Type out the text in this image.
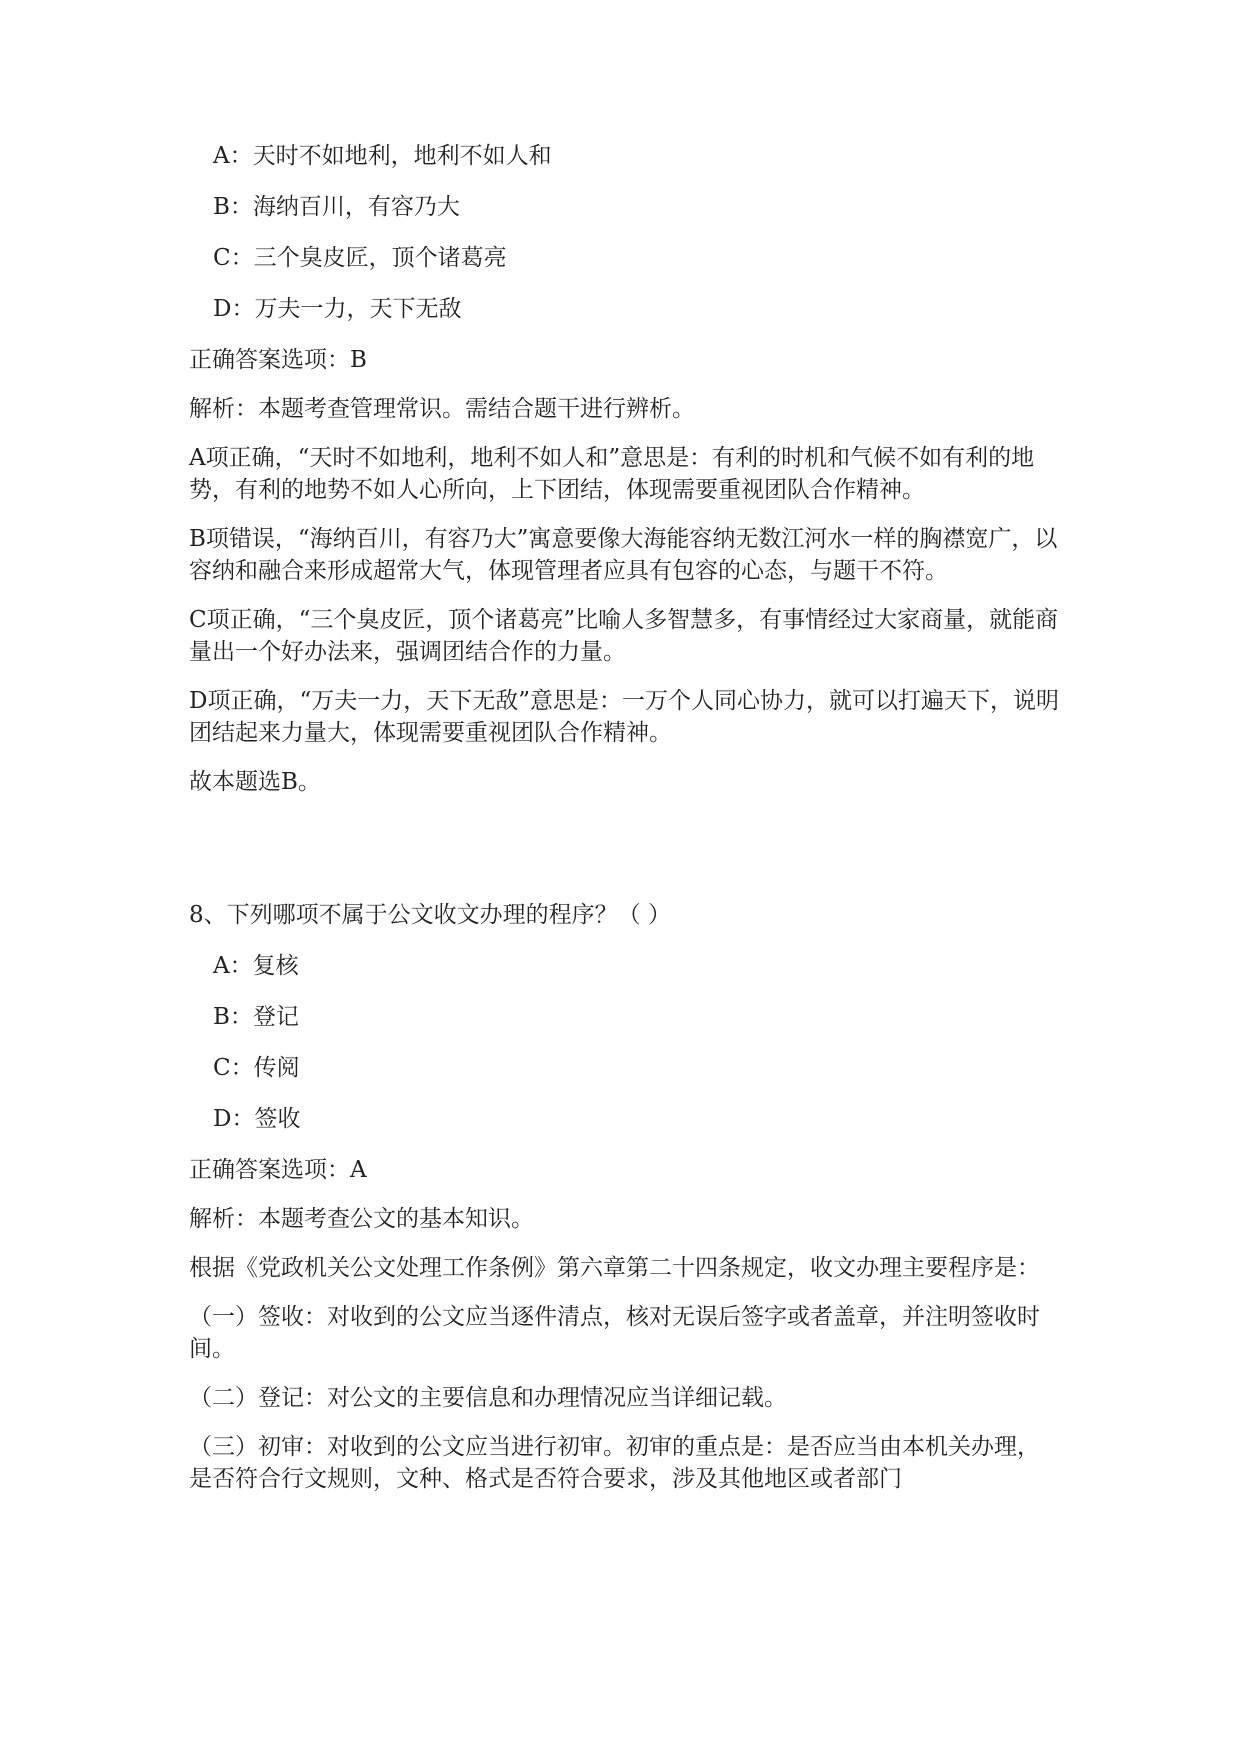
A：天时不如地利，地利不如人和
B：海纳百川，有容乃大
C：三个臭皮匠，顶个诸葛亮
D：万夫一力，天下无敌
正确答案选项：B
解析：本题考查管理常识。需结合题干进行辨析。
A项正确，“天时不如地利，地利不如人和”意思是：有利的时机和气候不如有利的地势，有利的地势不如人心所向，上下团结，体现需要重视团队合作精神。
B项错误，“海纳百川，有容乃大”寓意要像大海能容纳无数江河水一样的胸襟宽广，以容纳和融合来形成超常大气，体现管理者应具有包容的心态，与题干不符。
C项正确，“三个臭皮匠，顶个诸葛亮”比喻人多智慧多，有事情经过大家商量，就能商量出一个好办法来，强调团结合作的力量。
D项正确，“万夫一力，天下无敌”意思是：一万个人同心协力，就可以打遍天下，说明团结起来力量大，体现需要重视团队合作精神。
故本题选B。
8、下列哪项不属于公文收文办理的程序？（ ）
A：复核
B：登记
C：传阅
D：签收
正确答案选项：A
解析：本题考查公文的基本知识。
根据《党政机关公文处理工作条例》第六章第二十四条规定，收文办理主要程序是：
（一）签收：对收到的公文应当逐件清点，核对无误后签字或者盖章，并注明签收时间。
（二）登记：对公文的主要信息和办理情况应当详细记载。
（三）初审：对收到的公文应当进行初审。初审的重点是：是否应当由本机关办理，是否符合行文规则，文种、格式是否符合要求，涉及其他地区或者部门
